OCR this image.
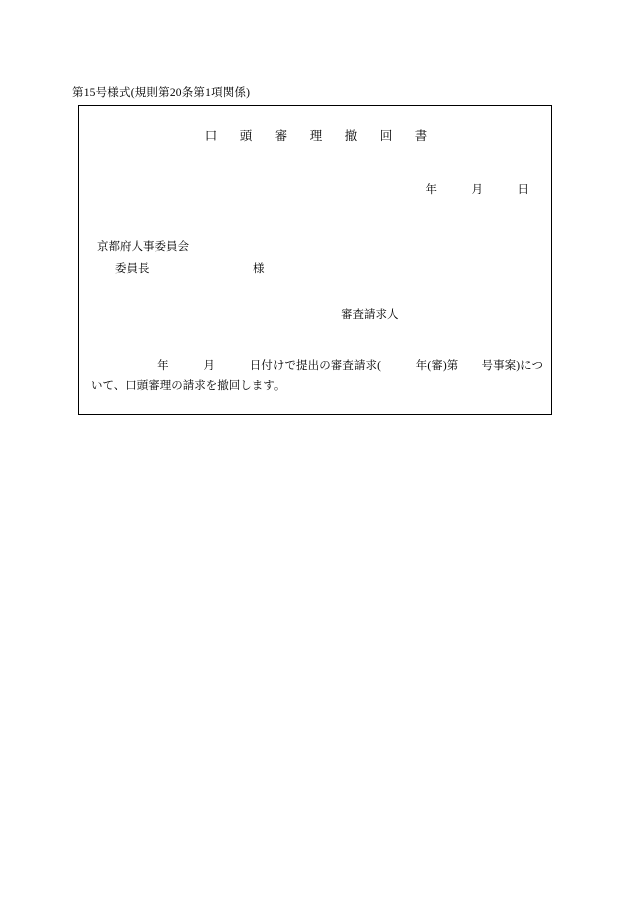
第15号様式(規則第20条第1項関係)
口　頭　審　理　撤　回　書
年　　　月　　　日
京都府人事委員会
委員長　　　　　　　　　様
審査請求人
年　　　月　　　日付けで提出の審査請求(　　　年(審)第　　号事案)について、口頭審理の請求を撤回します。
